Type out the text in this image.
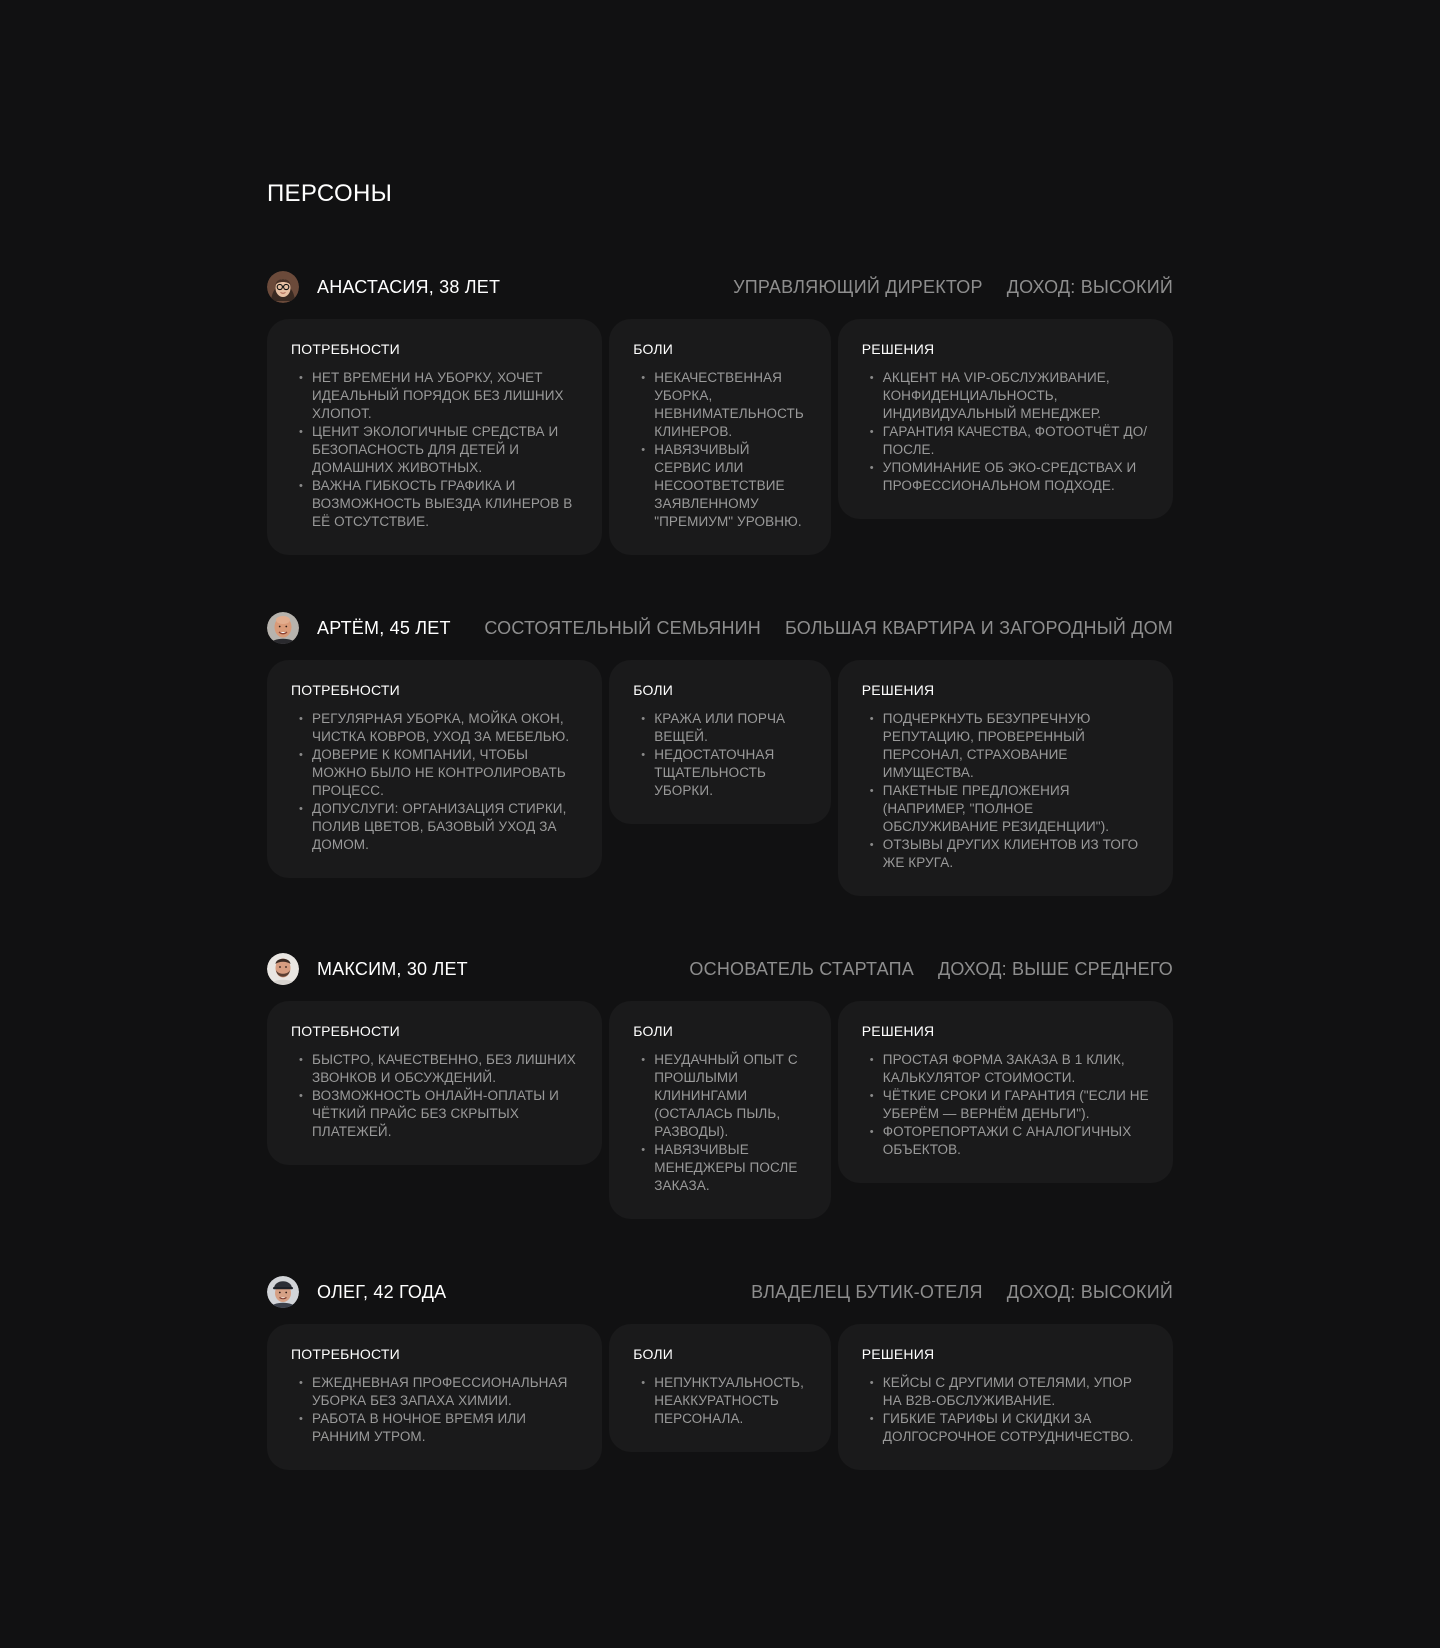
ПЕРСОНЫ
АНАСТАСИЯ, 38 ЛЕТ	УПРАВЛЯЮЩИЙ ДИРЕКТОР ДОХОД: ВЫСОКИЙ
ПОТРЕБНОСТИ
• НЕТ ВРЕМЕНИ НА УБОРКУ, ХОЧЕТ ИДЕАЛЬНЫЙ ПОРЯДОК БЕЗ ЛИШНИХ ХЛОПОТ.
• ЦЕНИТ ЭКОЛОГИЧНЫЕ СРЕДСТВА И БЕЗОПАСНОСТЬ ДЛЯ ДЕТЕЙ И ДОМАШНИХ ЖИВОТНЫХ.
• ВАЖНА ГИБКОСТЬ ГРАФИКА И ВОЗМОЖНОСТЬ ВЫЕЗДА КЛИНЕРОВ В ЕЁ ОТСУТСТВИЕ.
БОЛИ
• НЕКАЧЕСТВЕННАЯ УБОРКА, НЕВНИМАТЕЛЬНОСТЬ КЛИНЕРОВ.
• НАВЯЗЧИВЫЙ СЕРВИС ИЛИ НЕСООТВЕТСТВИЕ ЗАЯВЛЕННОМУ "ПРЕМИУМ" УРОВНЮ.
РЕШЕНИЯ
• АКЦЕНТ НА VIP-ОБСЛУЖИВАНИЕ, КОНФИДЕНЦИАЛЬНОСТЬ, ИНДИВИДУАЛЬНЫЙ МЕНЕДЖЕР.
• ГАРАНТИЯ КАЧЕСТВА, ФОТООТЧЁТ ДО/ПОСЛЕ.
• УПОМИНАНИЕ ОБ ЭКО-СРЕДСТВАХ И ПРОФЕССИОНАЛЬНОМ ПОДХОДЕ.
АРТЁМ, 45 ЛЕТ СОСТОЯТЕЛЬНЫЙ СЕМЬЯНИН БОЛЬШАЯ КВАРТИРА И ЗАГОРОДНЫЙ ДОМ
ПОТРЕБНОСТИ
• РЕГУЛЯРНАЯ УБОРКА, МОЙКА ОКОН, ЧИСТКА КОВРОВ, УХОД ЗА МЕБЕЛЬЮ.
• ДОВЕРИЕ К КОМПАНИИ, ЧТОБЫ МОЖНО БЫЛО НЕ КОНТРОЛИРОВАТЬ ПРОЦЕСС.
• ДОПУСЛУГИ: ОРГАНИЗАЦИЯ СТИРКИ, ПОЛИВ ЦВЕТОВ, БАЗОВЫЙ УХОД ЗА ДОМОМ.
БОЛИ
• КРАЖА ИЛИ ПОРЧА ВЕЩЕЙ.
• НЕДОСТАТОЧНАЯ ТЩАТЕЛЬНОСТЬ УБОРКИ.
РЕШЕНИЯ
• ПОДЧЕРКНУТЬ БЕЗУПРЕЧНУЮ РЕПУТАЦИЮ, ПРОВЕРЕННЫЙ ПЕРСОНАЛ, СТРАХОВАНИЕ ИМУЩЕСТВА.
• ПАКЕТНЫЕ ПРЕДЛОЖЕНИЯ (НАПРИМЕР, "ПОЛНОЕ ОБСЛУЖИВАНИЕ РЕЗИДЕНЦИИ").
• ОТЗЫВЫ ДРУГИХ КЛИЕНТОВ ИЗ ТОГО ЖЕ КРУГА.
МАКСИМ, 30 ЛЕТ	ОСНОВАТЕЛЬ СТАРТАПА ДОХОД: ВЫШЕ СРЕДНЕГО
ПОТРЕБНОСТИ
• БЫСТРО, КАЧЕСТВЕННО, БЕЗ ЛИШНИХ ЗВОНКОВ И ОБСУЖДЕНИЙ.
• ВОЗМОЖНОСТЬ ОНЛАЙН-ОПЛАТЫ И ЧЁТКИЙ ПРАЙС БЕЗ СКРЫТЫХ ПЛАТЕЖЕЙ.
БОЛИ
• НЕУДАЧНЫЙ ОПЫТ С ПРОШЛЫМИ КЛИНИНГАМИ (ОСТАЛАСЬ ПЫЛЬ, РАЗВОДЫ).
• НАВЯЗЧИВЫЕ МЕНЕДЖЕРЫ ПОСЛЕ ЗАКАЗА.
РЕШЕНИЯ
• ПРОСТАЯ ФОРМА ЗАКАЗА В 1 КЛИК, КАЛЬКУЛЯТОР СТОИМОСТИ.
• ЧЁТКИЕ СРОКИ И ГАРАНТИЯ ("ЕСЛИ НЕ УБЕРЁМ — ВЕРНЁМ ДЕНЬГИ").
• ФОТОРЕПОРТАЖИ С АНАЛОГИЧНЫХ ОБЪЕКТОВ.
ОЛЕГ, 42 ГОДА	ВЛАДЕЛЕЦ БУТИК-ОТЕЛЯ ДОХОД: ВЫСОКИЙ
ПОТРЕБНОСТИ
• ЕЖЕДНЕВНАЯ ПРОФЕССИОНАЛЬНАЯ УБОРКА БЕЗ ЗАПАХА ХИМИИ.
• РАБОТА В НОЧНОЕ ВРЕМЯ ИЛИ РАННИМ УТРОМ.
БОЛИ
• НЕПУНКТУАЛЬНОСТЬ, НЕАККУРАТНОСТЬ ПЕРСОНАЛА.
РЕШЕНИЯ
• КЕЙСЫ С ДРУГИМИ ОТЕЛЯМИ, УПОР НА B2B-ОБСЛУЖИВАНИЕ.
• ГИБКИЕ ТАРИФЫ И СКИДКИ ЗА ДОЛГОСРОЧНОЕ СОТРУДНИЧЕСТВО.
